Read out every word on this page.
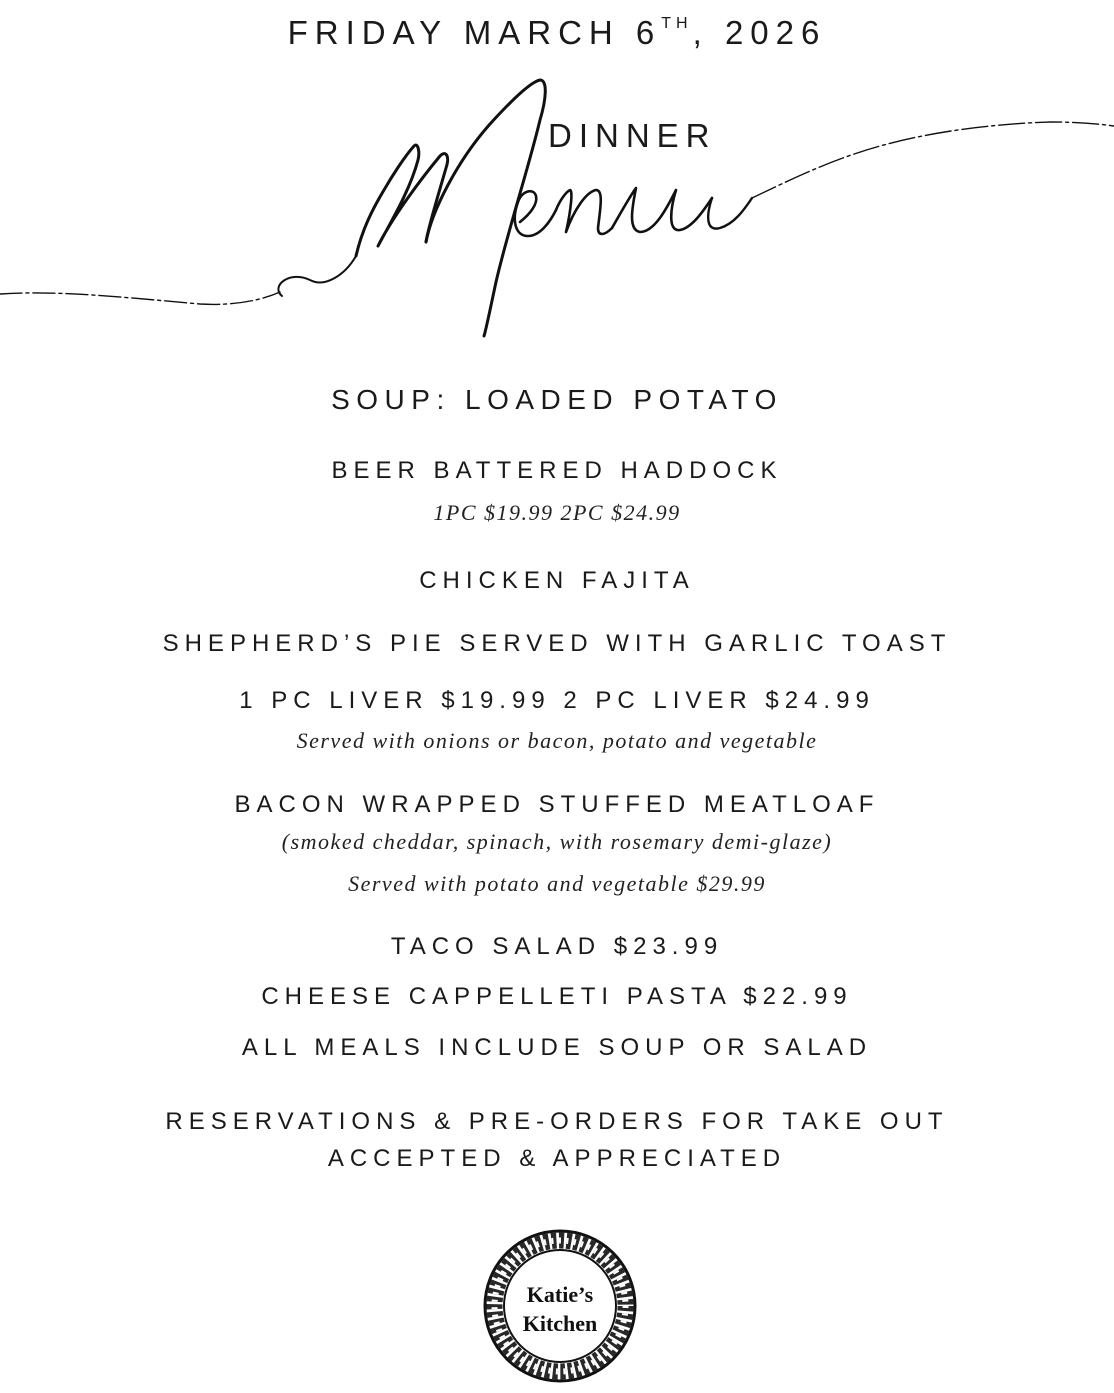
FRIDAY MARCH 6TH, 2026
DINNER
SOUP: LOADED POTATO
BEER BATTERED HADDOCK
1PC $19.99 2PC $24.99
CHICKEN FAJITA
SHEPHERD’S PIE SERVED WITH GARLIC TOAST
1 PC LIVER $19.99 2 PC LIVER $24.99
Served with onions or bacon, potato and vegetable
BACON WRAPPED STUFFED MEATLOAF
(smoked cheddar, spinach, with rosemary demi-glaze)
Served with potato and vegetable $29.99
TACO SALAD $23.99
CHEESE CAPPELLETI PASTA $22.99
ALL MEALS INCLUDE SOUP OR SALAD
RESERVATIONS & PRE-ORDERS FOR TAKE OUT
ACCEPTED & APPRECIATED
Katie’s
Kitchen
